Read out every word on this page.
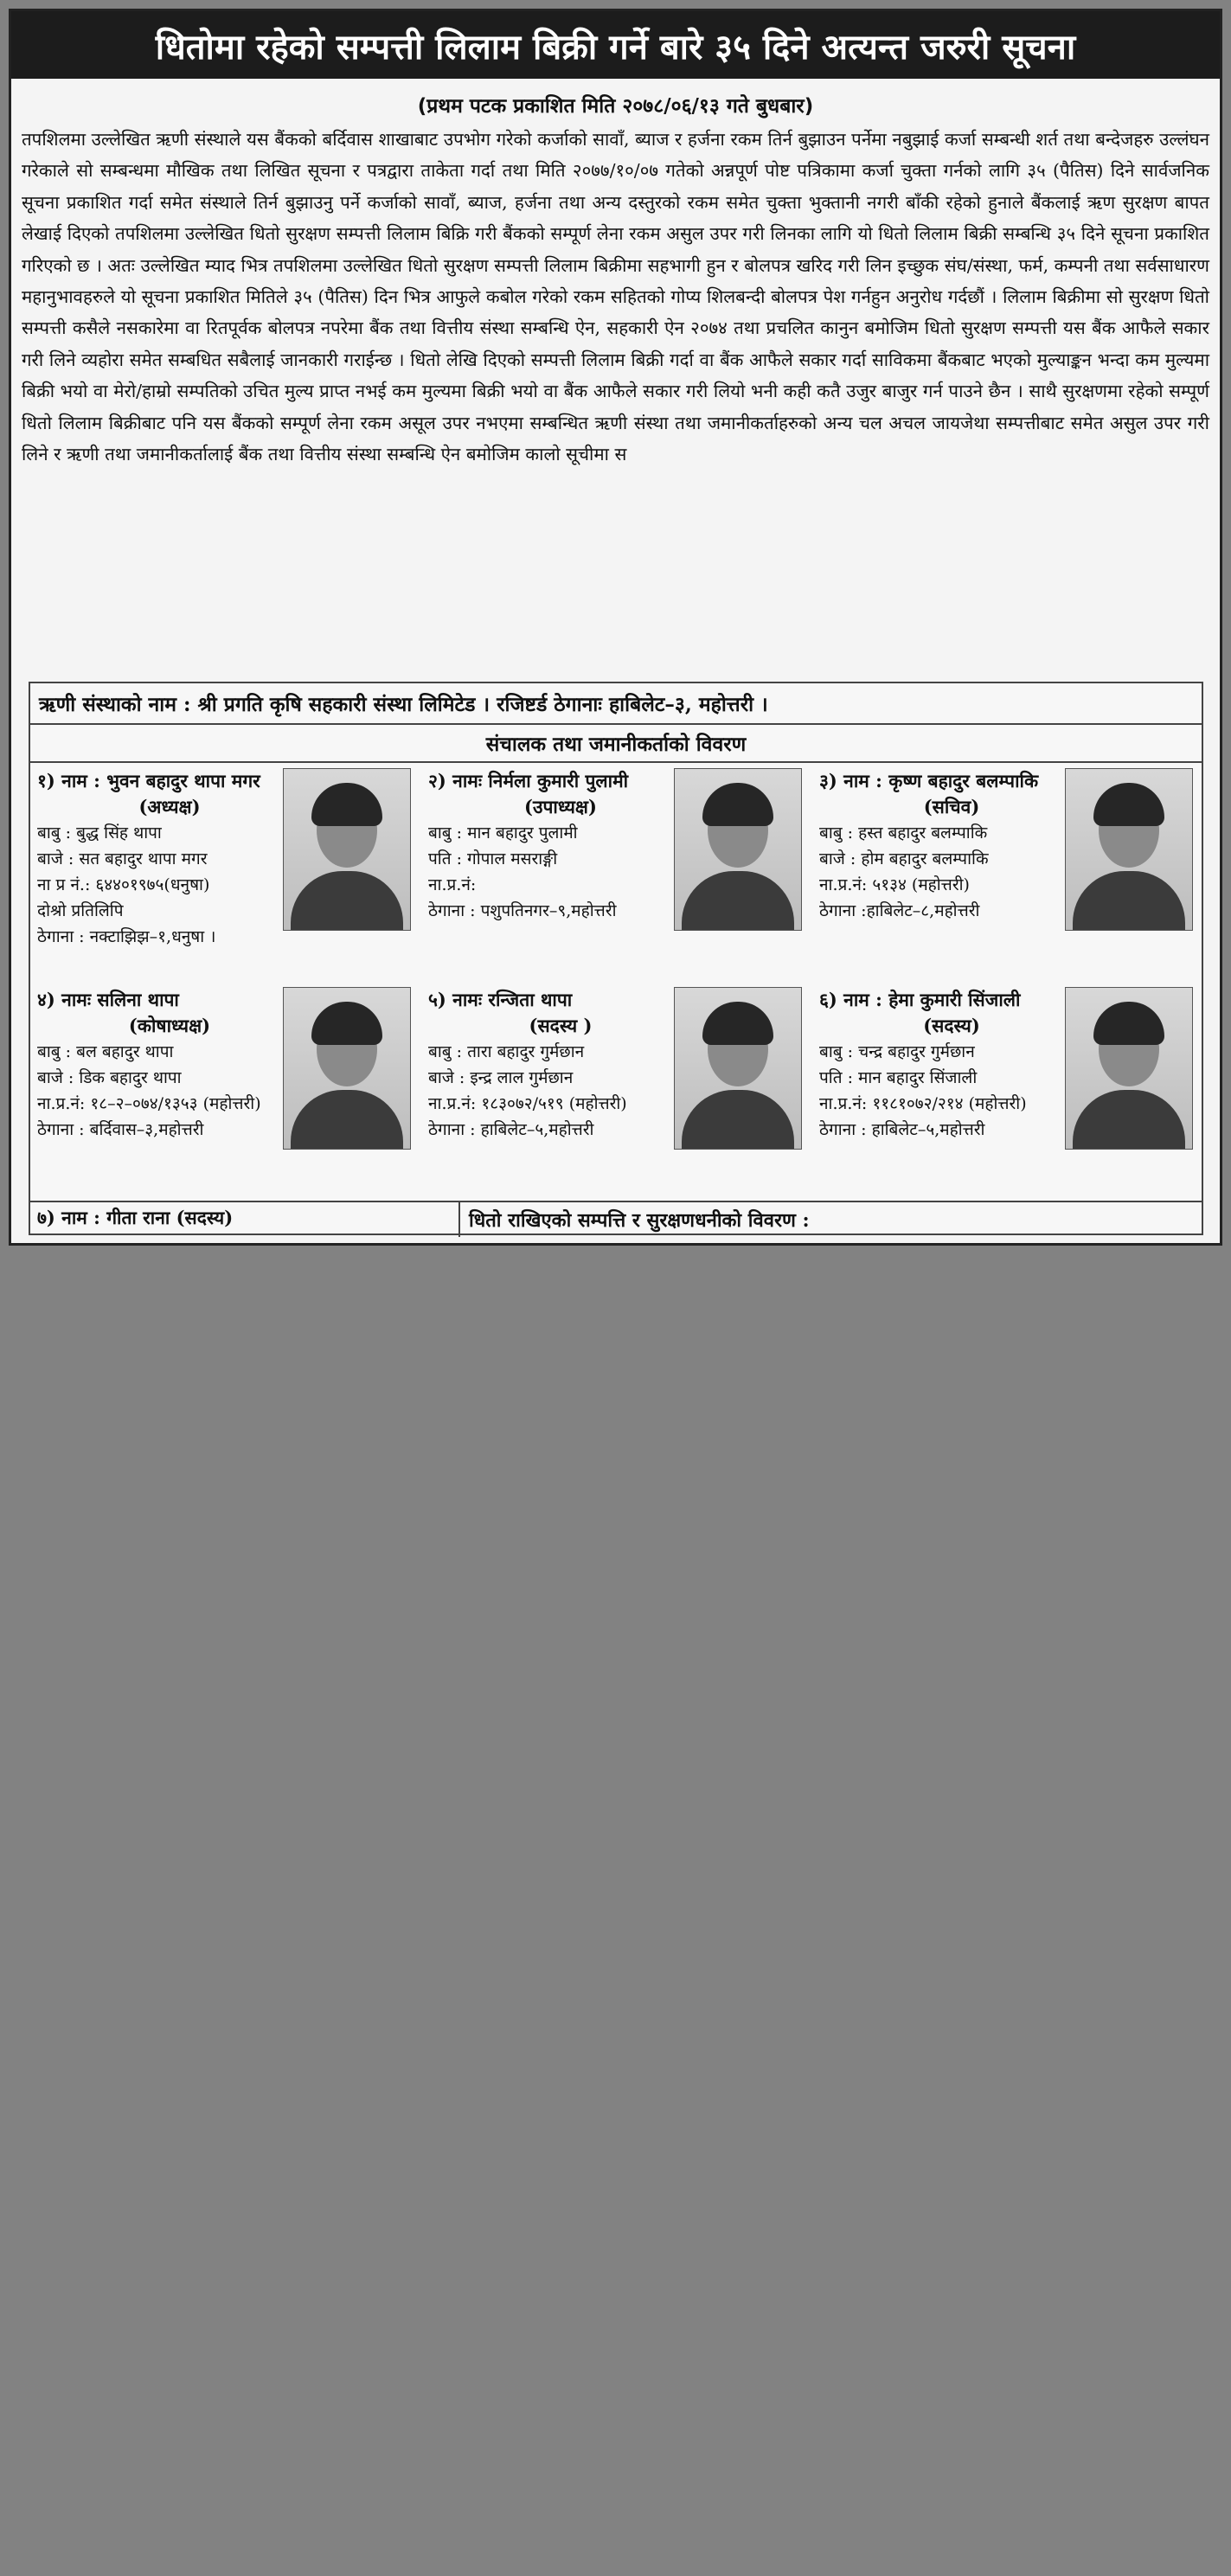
धितोमा रहेको सम्पत्ती लिलाम बिक्री गर्ने बारे ३५ दिने अत्यन्त जरुरी सूचना
(प्रथम पटक प्रकाशित मिति २०७८/०६/१३ गते बुधबार)
तपशिलमा उल्लेखित ऋणी संस्थाले यस बैंकको बर्दिवास शाखाबाट उपभोग गरेको कर्जाको सावाँ, ब्याज र हर्जना रकम तिर्न बुझाउन पर्नेमा नबुझाई कर्जा सम्बन्धी शर्त तथा बन्देजहरु उल्लंघन गरेकाले सो सम्बन्धमा मौखिक तथा लिखित सूचना र पत्रद्वारा ताकेता गर्दा तथा मिति २०७७/१०/०७ गतेको अन्नपूर्ण पोष्ट पत्रिकामा कर्जा चुक्ता गर्नको लागि ३५ (पैतिस) दिने सार्वजनिक सूचना प्रकाशित गर्दा समेत संस्थाले तिर्न बुझाउनु पर्ने कर्जाको सावाँ, ब्याज, हर्जना तथा अन्य दस्तुरको रकम समेत चुक्ता भुक्तानी नगरी बाँकी रहेको हुनाले बैंकलाई ऋण सुरक्षण बापत लेखाई दिएको तपशिलमा उल्लेखित धितो सुरक्षण सम्पत्ती लिलाम बिक्रि गरी बैंकको सम्पूर्ण लेना रकम असुल उपर गरी लिनका लागि यो धितो लिलाम बिक्री सम्बन्धि ३५ दिने सूचना प्रकाशित गरिएको छ । अतः उल्लेखित म्याद भित्र तपशिलमा उल्लेखित धितो सुरक्षण सम्पत्ती लिलाम बिक्रीमा सहभागी हुन र बोलपत्र खरिद गरी लिन इच्छुक संघ/संस्था, फर्म, कम्पनी तथा सर्वसाधारण महानुभावहरुले यो सूचना प्रकाशित मितिले ३५ (पैतिस) दिन भित्र आफुले कबोल गरेको रकम सहितको गोप्य शिलबन्दी बोलपत्र पेश गर्नहुन अनुरोध गर्दछौं । लिलाम बिक्रीमा सो सुरक्षण धितो सम्पत्ती कसैले नसकारेमा वा रितपूर्वक बोलपत्र नपरेमा बैंक तथा वित्तीय संस्था सम्बन्धि ऐन, सहकारी ऐन २०७४ तथा प्रचलित कानुन बमोजिम धितो सुरक्षण सम्पत्ती यस बैंक आफैले सकार गरी लिने व्यहोरा समेत सम्बधित सबैलाई जानकारी गराईन्छ । धितो लेखि दिएको सम्पत्ती लिलाम बिक्री गर्दा वा बैंक आफैले सकार गर्दा साविकमा बैंकबाट भएको मुल्याङ्कन भन्दा कम मुल्यमा बिक्री भयो वा मेरो/हाम्रो सम्पतिको उचित मुल्य प्राप्त नभई कम मुल्यमा बिक्री भयो वा बैंक आफैले सकार गरी लियो भनी कही कतै उजुर बाजुर गर्न पाउने छैन । साथै सुरक्षणमा रहेको सम्पूर्ण धितो लिलाम बिक्रीबाट पनि यस बैंकको सम्पूर्ण लेना रकम असूल उपर नभएमा सम्बन्धित ऋणी संस्था तथा जमानीकर्ताहरुको अन्य चल अचल जायजेथा सम्पत्तीबाट समेत असुल उपर गरी लिने र ऋणी तथा जमानीकर्तालाई बैंक तथा वित्तीय संस्था सम्बन्धि ऐन बमोजिम कालो सूचीमा स
ऋणी संस्थाको नाम : श्री प्रगति कृषि सहकारी संस्था लिमिटेड । रजिष्टर्ड ठेगानाः हाबिलेट–३, महोत्तरी ।
संचालक तथा जमानीकर्ताको विवरण
१) नाम : भुवन बहादुर थापा मगर
(अध्यक्ष)
बाबु : बुद्ध सिंह थापा
बाजे : सत बहादुर थापा मगर
ना प्र नं.: ६४४०१९७५(धनुषा)
दोश्रो प्रतिलिपि
ठेगाना : नक्टाझिझ–१,धनुषा ।
२) नामः निर्मला कुमारी पुलामी
(उपाध्यक्ष)
बाबु : मान बहादुर पुलामी
पति : गोपाल मसराङ्गी
ना.प्र.नं:
ठेगाना : पशुपतिनगर–९,महोत्तरी
३) नाम : कृष्ण बहादुर बलम्पाकि
(सचिव)
बाबु : हस्त बहादुर बलम्पाकि
बाजे : होम बहादुर बलम्पाकि
ना.प्र.नं: ५१३४ (महोत्तरी)
ठेगाना :हाबिलेट–८,महोत्तरी
४) नामः सलिना थापा
(कोषाध्यक्ष)
बाबु : बल बहादुर थापा
बाजे : डिक बहादुर थापा
ना.प्र.नं: १८–२–०७४/१३५३ (महोत्तरी)
ठेगाना : बर्दिवास–३,महोत्तरी
५) नामः रन्जिता थापा
(सदस्य )
बाबु : तारा बहादुर गुर्मछान
बाजे : इन्द्र लाल गुर्मछान
ना.प्र.नं: १८३०७२/५१९ (महोत्तरी)
ठेगाना : हाबिलेट–५,महोत्तरी
६) नाम : हेमा कुमारी सिंजाली
(सदस्य)
बाबु : चन्द्र बहादुर गुर्मछान
पति : मान बहादुर सिंजाली
ना.प्र.नं: ११८१०७२/२१४ (महोत्तरी)
ठेगाना : हाबिलेट–५,महोत्तरी
७) नाम : गीता राना (सदस्य)	धितो राखिएको सम्पत्ति र सुरक्षणधनीको विवरण :
